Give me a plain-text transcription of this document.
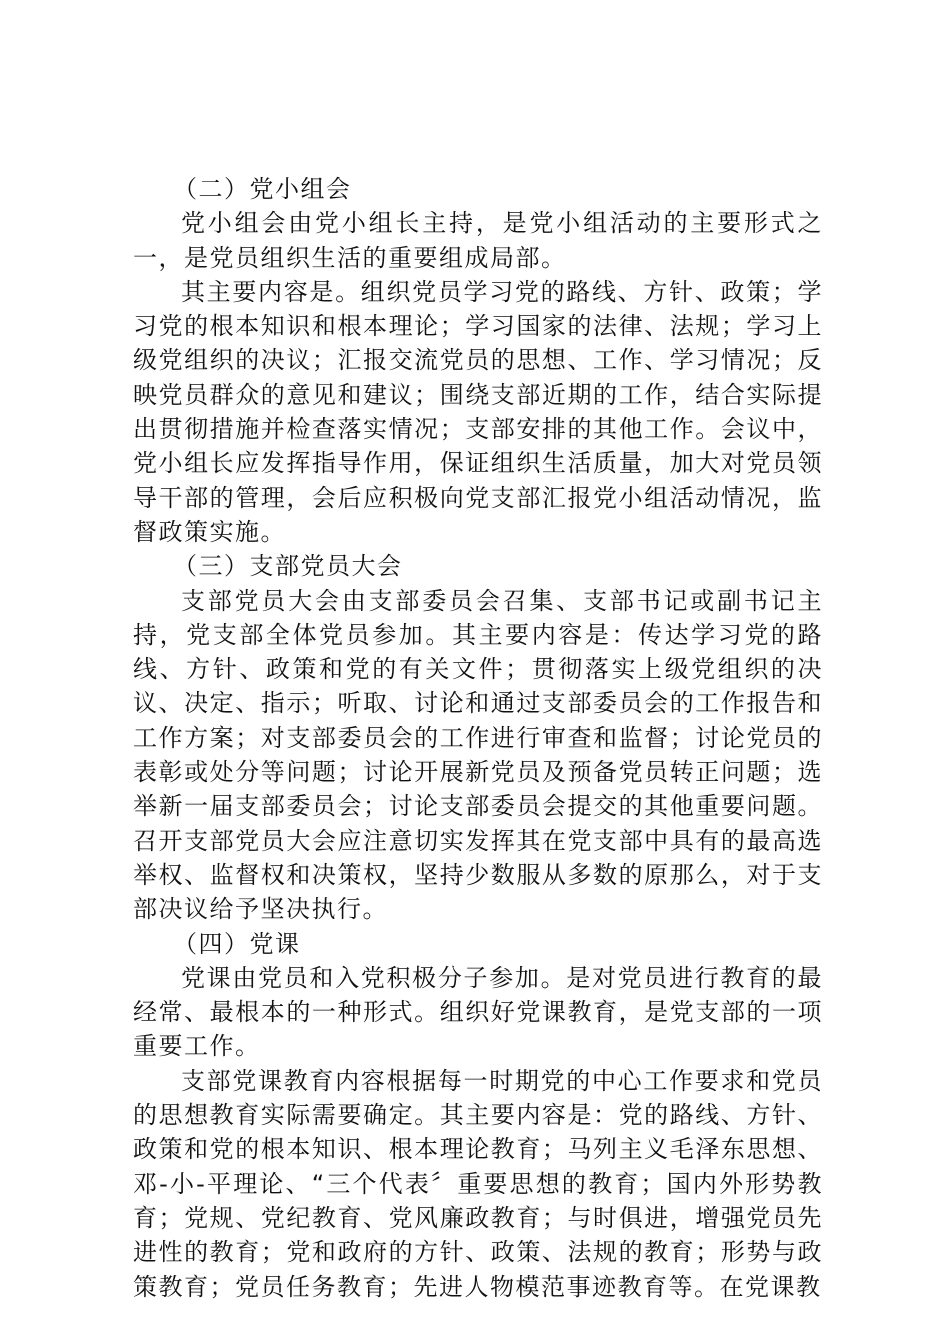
（二）党小组会

党小组会由党小组长主持，是党小组活动的主要形式之一，是党员组织生活的重要组成局部。

其主要内容是。组织党员学习党的路线、方针、政策；学习党的根本知识和根本理论；学习国家的法律、法规；学习上级党组织的决议；汇报交流党员的思想、工作、学习情况；反映党员群众的意见和建议；围绕支部近期的工作，结合实际提出贯彻措施并检查落实情况；支部安排的其他工作。会议中，党小组长应发挥指导作用，保证组织生活质量，加大对党员领导干部的管理，会后应积极向党支部汇报党小组活动情况，监督政策实施。

（三）支部党员大会

支部党员大会由支部委员会召集、支部书记或副书记主持，党支部全体党员参加。其主要内容是：传达学习党的路线、方针、政策和党的有关文件；贯彻落实上级党组织的决议、决定、指示；听取、讨论和通过支部委员会的工作报告和工作方案；对支部委员会的工作进行审查和监督；讨论党员的表彰或处分等问题；讨论开展新党员及预备党员转正问题；选举新一届支部委员会；讨论支部委员会提交的其他重要问题。召开支部党员大会应注意切实发挥其在党支部中具有的最高选举权、监督权和决策权，坚持少数服从多数的原那么，对于支部决议给予坚决执行。

（四）党课

党课由党员和入党积极分子参加。是对党员进行教育的最经常、最根本的一种形式。组织好党课教育，是党支部的一项重要工作。

支部党课教育内容根据每一时期党的中心工作要求和党员的思想教育实际需要确定。其主要内容是：党的路线、方针、政策和党的根本知识、根本理论教育；马列主义毛泽东思想、邓-小-平理论、“三个代表〞重要思想的教育；国内外形势教育；党规、党纪教育、党风廉政教育；与时俱进，增强党员先进性的教育；党和政府的方针、政策、法规的教育；形势与政策教育；党员任务教育；先进人物模范事迹教育等。在党课教
